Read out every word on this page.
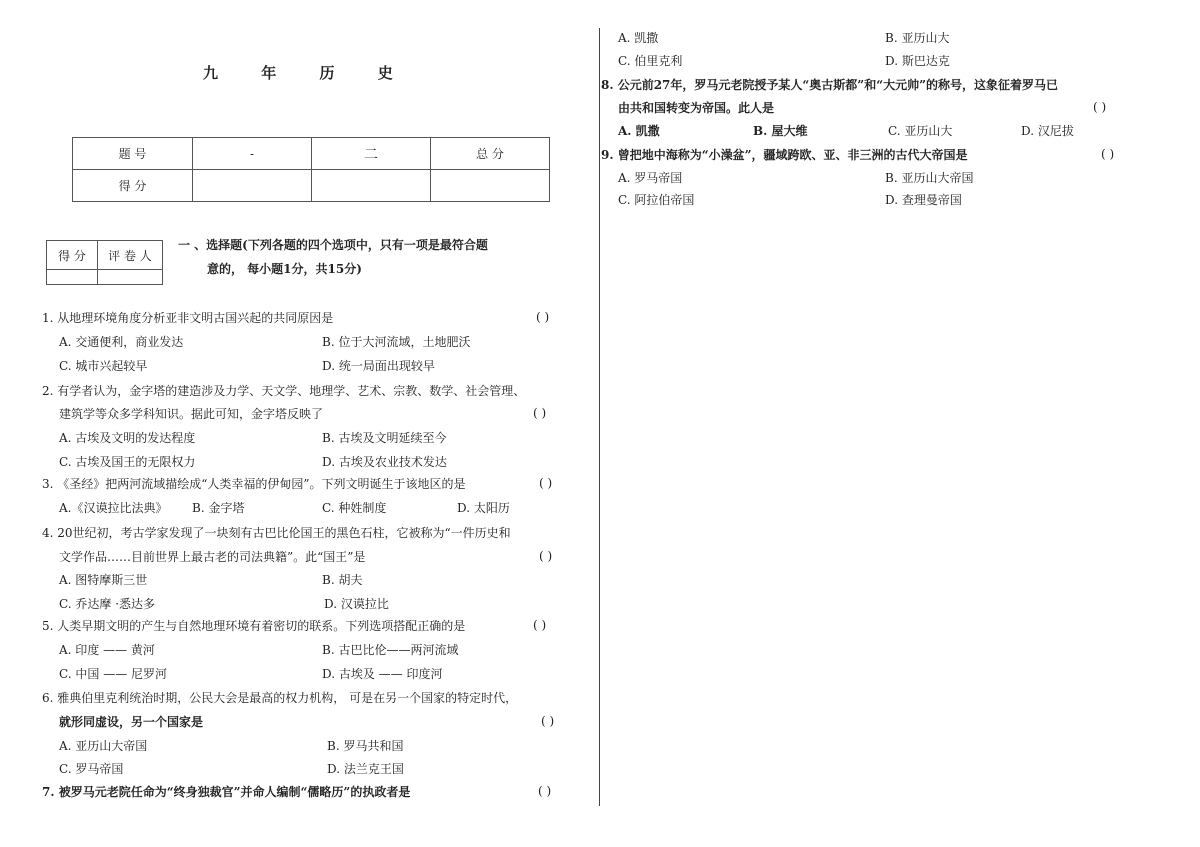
九	年	历	史
题 号	-	二	总 分
得 分			
得 分	评 卷 人

一 、选择题(下列各题的四个选项中，只有一项是最符合题
意的， 每小题1分，共15分)
1. 从地理环境角度分析亚非文明古国兴起的共同原因是	( )
A. 交通便利，商业发达	B. 位于大河流域，土地肥沃
C. 城市兴起较早	D. 统一局面出现较早
2. 有学者认为，金字塔的建造涉及力学、天文学、地理学、艺术、宗教、数学、社会管理、
建筑学等众多学科知识。据此可知，金字塔反映了	( )
A. 古埃及文明的发达程度	B. 古埃及文明延续至今
C. 古埃及国王的无限权力	D. 古埃及农业技术发达
3. 《圣经》把两河流域描绘成“人类幸福的伊甸园”。下列文明诞生于该地区的是	( )
A.《汉谟拉比法典》 B. 金字塔	C. 种姓制度	D. 太阳历
4. 20世纪初，考古学家发现了一块刻有古巴比伦国王的黑色石柱，它被称为“一件历史和
文学作品……目前世界上最古老的司法典籍”。此“国王”是	( )
A. 图特摩斯三世	B. 胡夫
C. 乔达摩 ·悉达多	D. 汉谟拉比
5. 人类早期文明的产生与自然地理环境有着密切的联系。下列选项搭配正确的是	( )
A. 印度 —— 黄河	B. 古巴比伦——两河流域
C. 中国 —— 尼罗河	D. 古埃及 —— 印度河
6. 雅典伯里克利统治时期，公民大会是最高的权力机构， 可是在另一个国家的特定时代，
就形同虚设，另一个国家是	( )
A. 亚历山大帝国	B. 罗马共和国
C. 罗马帝国	D. 法兰克王国
7. 被罗马元老院任命为“终身独裁官”并命人编制“儒略历”的执政者是	( )
A. 凯撒	B. 亚历山大
C. 伯里克利	D. 斯巴达克
8. 公元前27年，罗马元老院授予某人“奥古斯都”和“大元帅”的称号，这象征着罗马已
由共和国转变为帝国。此人是	( )
A. 凯撒	B. 屋大维	C. 亚历山大	D. 汉尼拔
9. 曾把地中海称为“小澡盆”，疆域跨欧、亚、非三洲的古代大帝国是	( )
A. 罗马帝国	B. 亚历山大帝国
C. 阿拉伯帝国	D. 查理曼帝国
